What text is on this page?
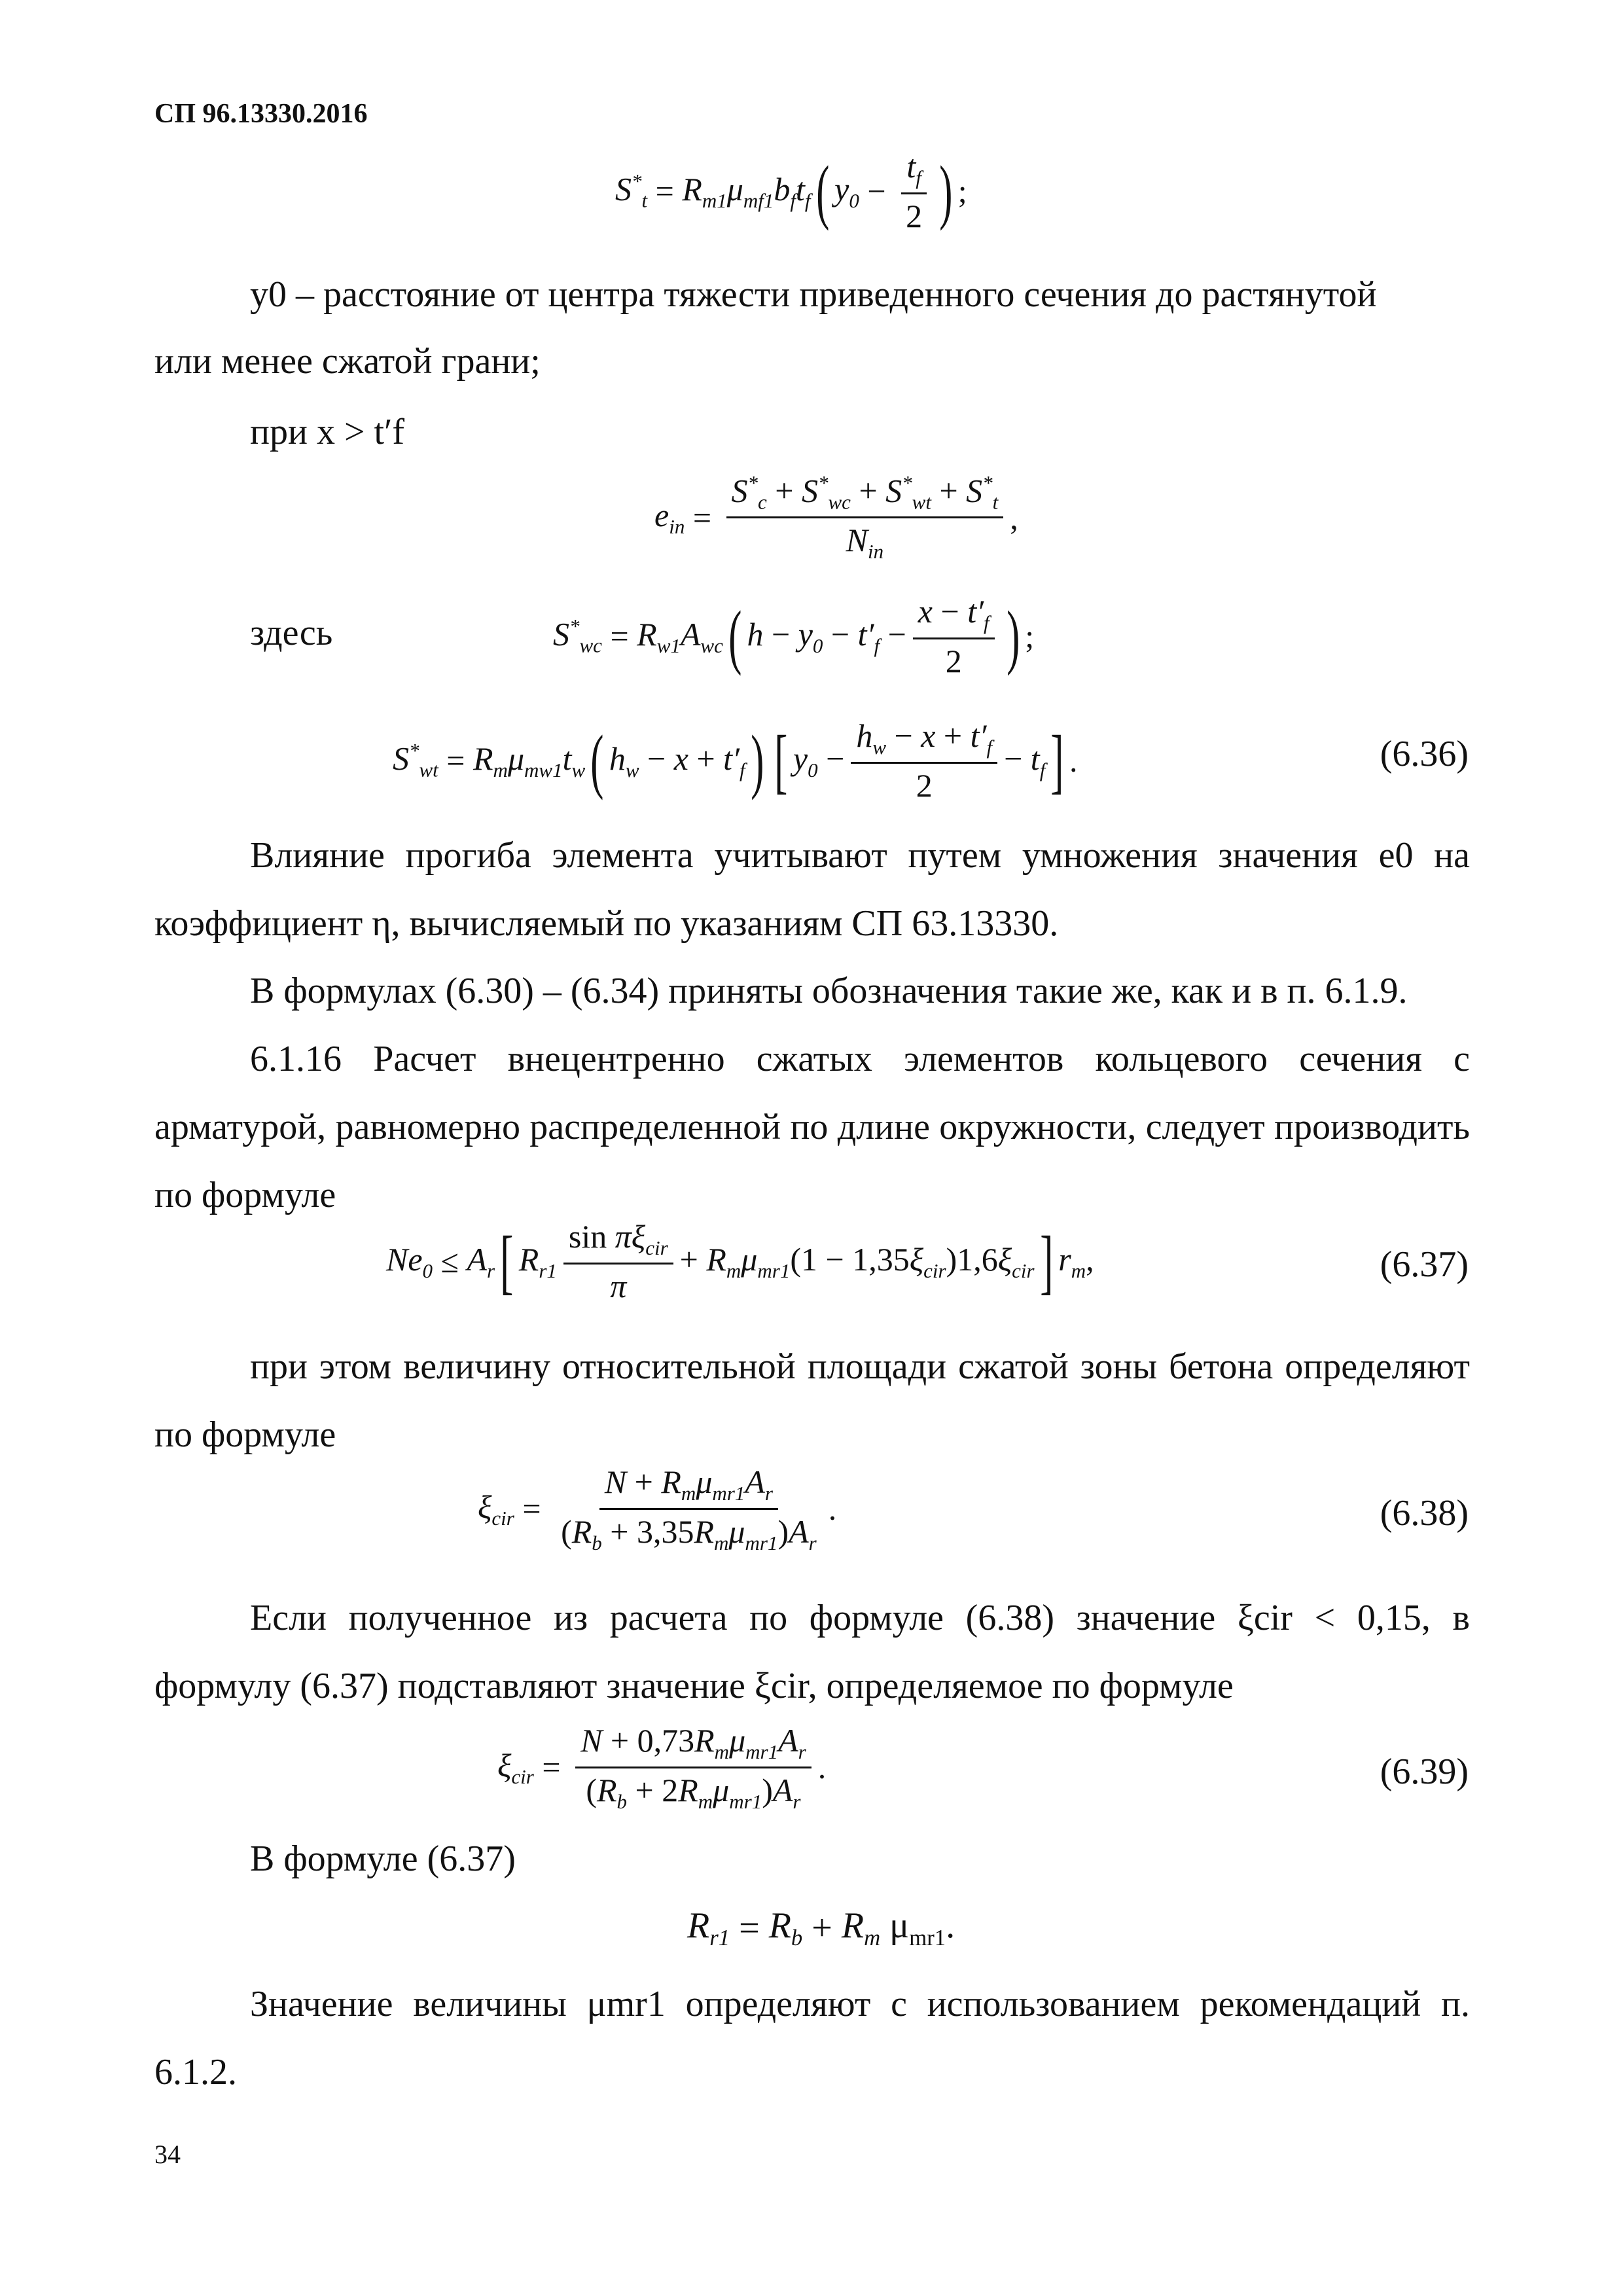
СП 96.13330.2016
$S^*_t = R_{m1}\mu_{mf1}b_ft_f$ ( $y_0 - \frac{t_f}{2}$ ) ;
y0 – расстояние от центра тяжести приведенного сечения до растянутой
или менее сжатой грани;
при x > t′f
$e_{in} = \frac{S^*_c + S^*_{wc} + S^*_{wt} + S^*_t}{N_{in}}$ ,
здесь	$S^*_{wc} = R_{w1}A_{wc}$ ( $h - y_0 - t'_f - \frac{x - t'_f}{2}$ ) ;
$S^*_{wt} = R_m\mu_{mw1}t_w$ ( $h_w - x + t'_f$ ) [ $y_0 - \frac{h_w - x + t'_f}{2} - t_f$ ] .	(6.36)
Влияние прогиба элемента учитывают путем умножения значения e0 на коэффициент η, вычисляемый по указаниям СП 63.13330.
В формулах (6.30) – (6.34) приняты обозначения такие же, как и в п. 6.1.9.
6.1.16 Расчет внецентренно сжатых элементов кольцевого сечения с арматурой, равномерно распределенной по длине окружности, следует производить по формуле
$Ne_0 \le A_r$ [ $R_{r1} \frac{\sin \pi\xi_{cir}}{\pi} + R_m\mu_{mr1}(1 - 1,35\xi_{cir})1,6\xi_{cir}$ ] $r_m$,	(6.37)
при этом величину относительной площади сжатой зоны бетона определяют по формуле
$\xi_{cir} = \frac{N + R_m\mu_{mr1}A_r}{(R_b + 3,35R_m\mu_{mr1})A_r}$ .	(6.38)
Если полученное из расчета по формуле (6.38) значение ξcir < 0,15, в формулу (6.37) подставляют значение ξcir, определяемое по формуле
$\xi_{cir} = \frac{N + 0,73R_m\mu_{mr1}A_r}{(R_b + 2R_m\mu_{mr1})A_r}$ .	(6.39)
В формуле (6.37)
$R_{r1} = R_b + R_m$ $\mu_{mr1}$.
Значение величины μmr1 определяют с использованием рекомендаций п. 6.1.2.
34
